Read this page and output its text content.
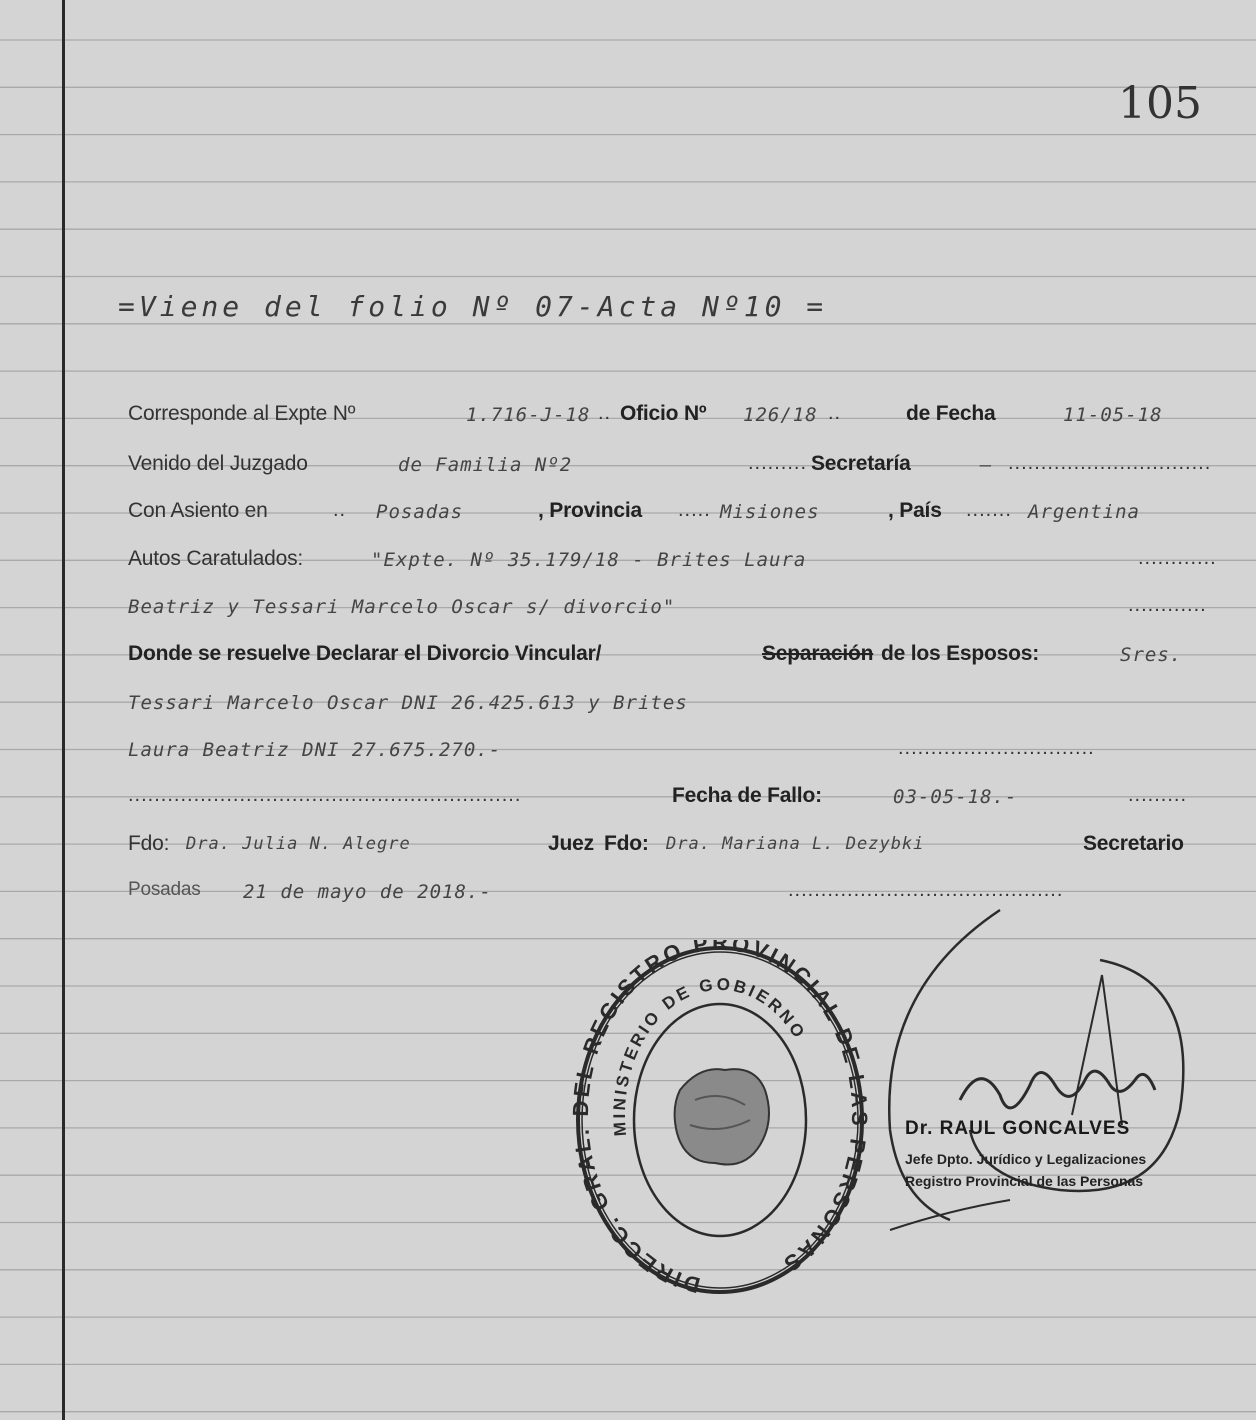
105
=Viene del folio Nº 07-Acta Nº10 =
Corresponde al Expte Nº	1.716-J-18 .. Oficio Nº 126/18 ..	de Fecha	11-05-18
Venido del Juzgado	de Familia Nº2	......... Secretaría	— ...............................
Con Asiento en	.. Posadas	, Provincia ..... Misiones	, País ....... Argentina
Autos Caratulados:	"Expte. Nº 35.179/18 - Brites Laura	............
Beatriz y Tessari Marcelo Oscar s/ divorcio"	............
Donde se resuelve Declarar el Divorcio Vincular/	Separación de los Esposos:	Sres.
Tessari Marcelo Oscar DNI 26.425.613 y Brites
Laura Beatriz DNI 27.675.270.-	..............................
............................................................	Fecha de Fallo:	03-05-18.-	.........
Fdo: Dra. Julia N. Alegre	Juez Fdo: Dra. Mariana L. Dezybki	Secretario
Posadas 21 de mayo de 2018.-	..........................................
DIRECC. GRAL. DEL REGISTRO PROVINCIAL DE LAS PERSONAS
MINISTERIO DE GOBIERNO
Dr. RAUL GONCALVES
Jefe Dpto. Jurídico y Legalizaciones
Registro Provincial de las Personas
